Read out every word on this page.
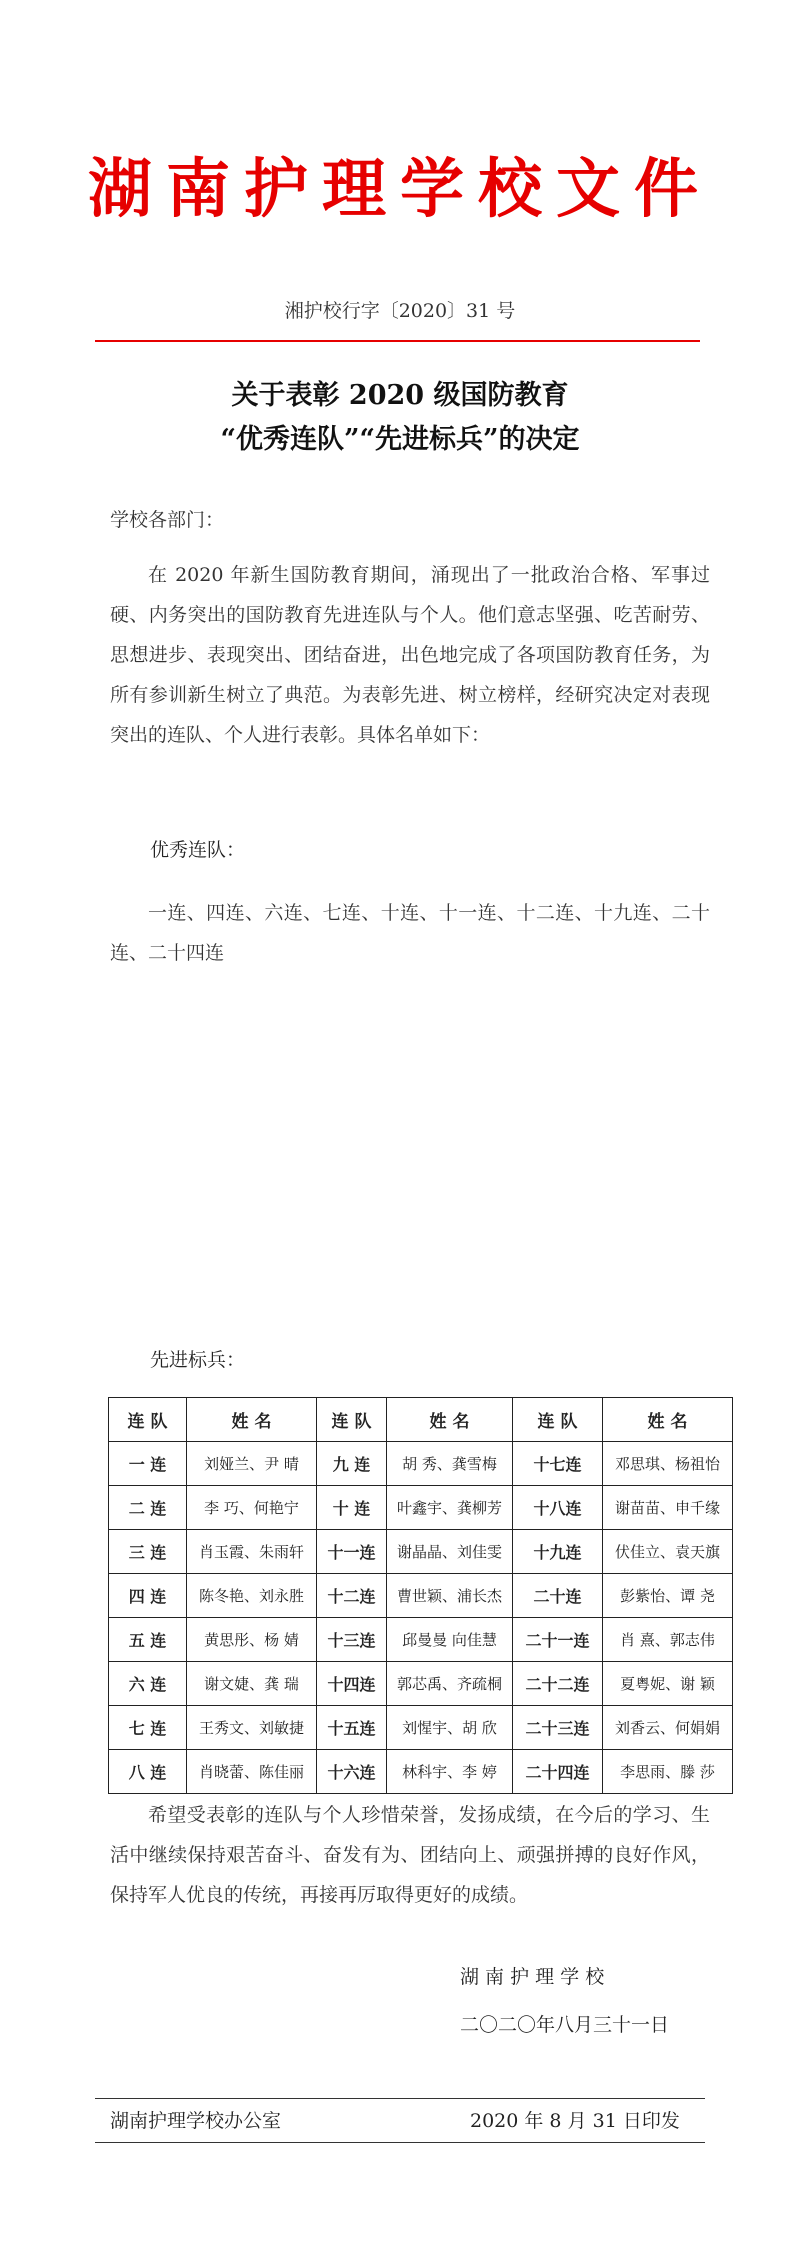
湖南护理学校文件
湘护校行字〔2020〕31 号
关于表彰 2020 级国防教育
“优秀连队”“先进标兵”的决定
学校各部门：
在 2020 年新生国防教育期间，涌现出了一批政治合格、军事过硬、内务突出的国防教育先进连队与个人。他们意志坚强、吃苦耐劳、思想进步、表现突出、团结奋进，出色地完成了各项国防教育任务，为所有参训新生树立了典范。为表彰先进、树立榜样，经研究决定对表现突出的连队、个人进行表彰。具体名单如下：
优秀连队：
一连、四连、六连、七连、十连、十一连、十二连、十九连、二十连、二十四连
先进标兵：
连 队	姓 名	连 队	姓 名	连 队	姓 名
一 连	刘娅兰、尹 晴	九 连	胡 秀、龚雪梅	十七连	邓思琪、杨祖怡
二 连	李 巧、何艳宁	十 连	叶鑫宇、龚柳芳	十八连	谢苗苗、申千缘
三 连	肖玉霞、朱雨轩	十一连	谢晶晶、刘佳雯	十九连	伏佳立、袁天旗
四 连	陈冬艳、刘永胜	十二连	曹世颖、浦长杰	二十连	彭紫怡、谭 尧
五 连	黄思彤、杨 婧	十三连	邱曼曼 向佳慧	二十一连	肖 熹、郭志伟
六 连	谢文婕、龚 瑞	十四连	郭芯禹、齐疏桐	二十二连	夏粤妮、谢 颖
七 连	王秀文、刘敏捷	十五连	刘惺宇、胡 欣	二十三连	刘香云、何娟娟
八 连	肖晓蕾、陈佳丽	十六连	林科宇、李 婷	二十四连	李思雨、滕 莎
希望受表彰的连队与个人珍惜荣誉，发扬成绩，在今后的学习、生活中继续保持艰苦奋斗、奋发有为、团结向上、顽强拼搏的良好作风，保持军人优良的传统，再接再厉取得更好的成绩。
湖 南 护 理 学 校
二〇二〇年八月三十一日
湖南护理学校办公室	2020 年 8 月 31 日印发
